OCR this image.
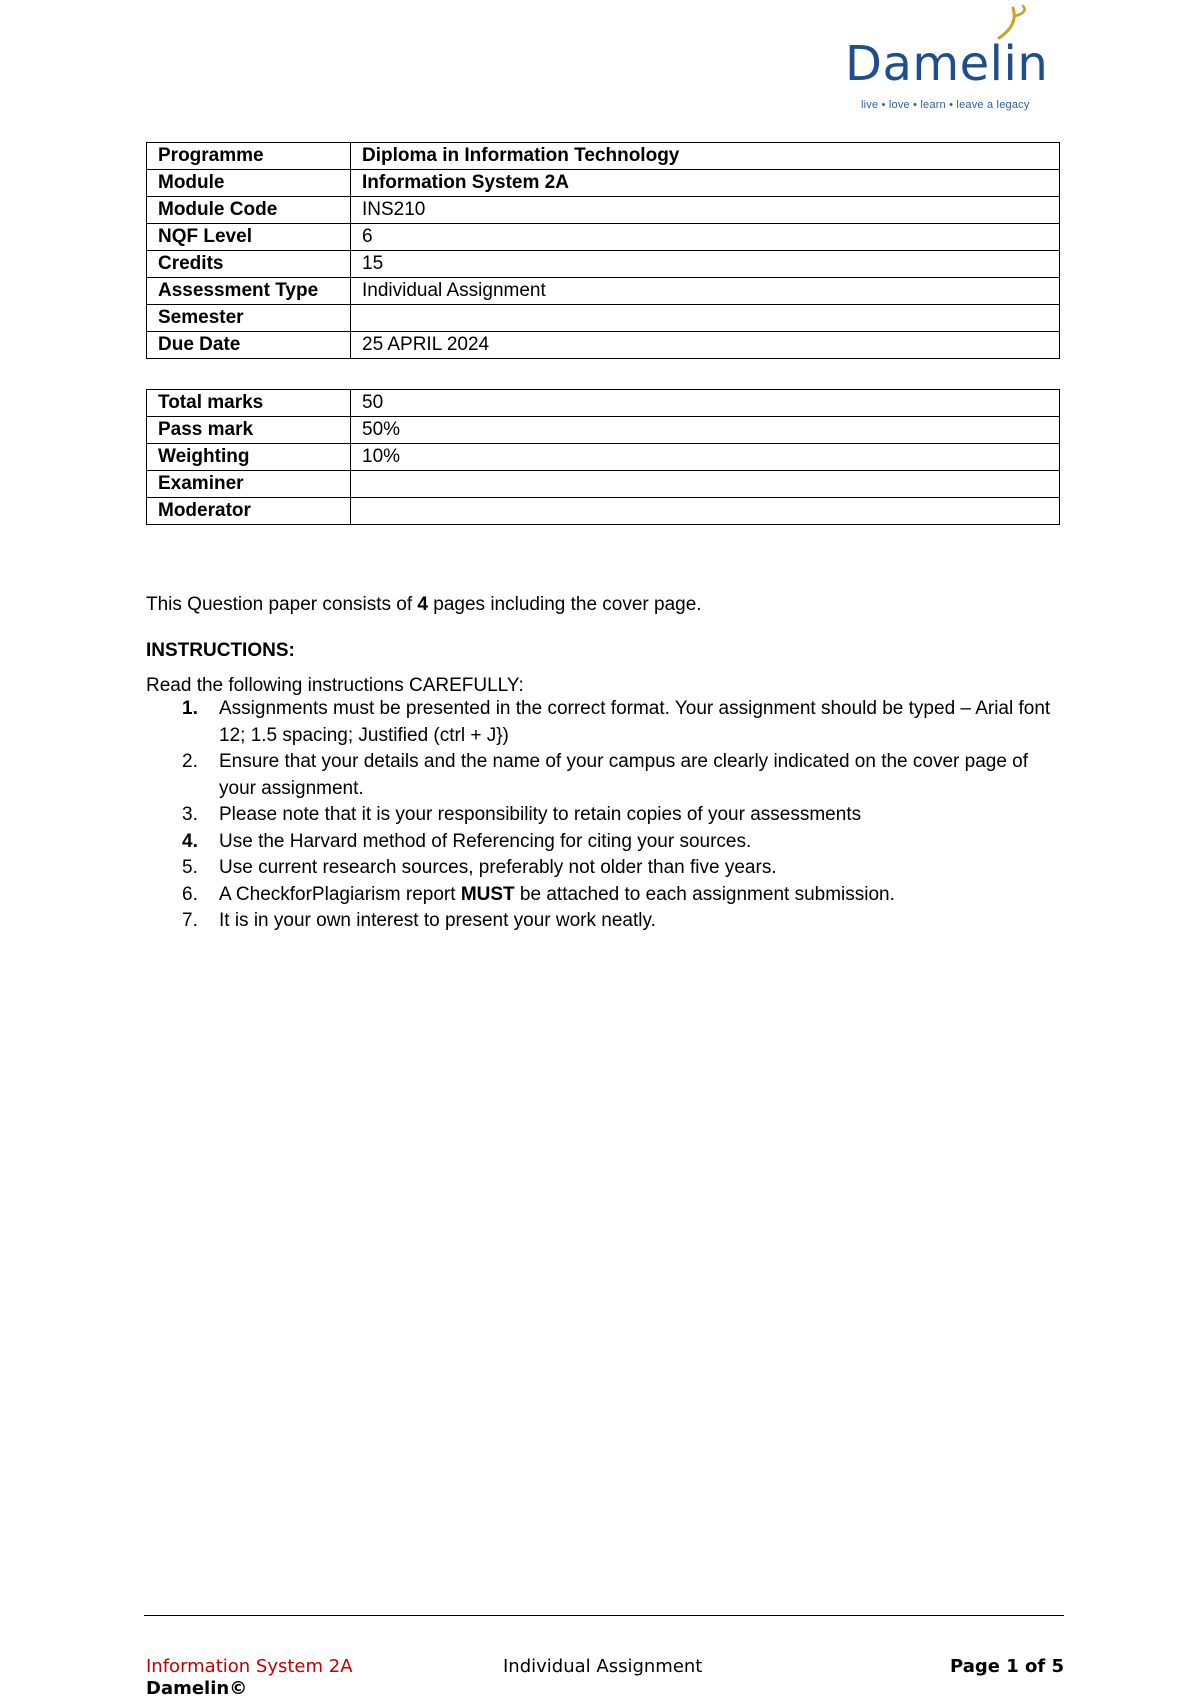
Damelin
live • love • learn • leave a legacy
Programme	Diploma in Information Technology
Module	Information System 2A
Module Code	INS210
NQF Level	6
Credits	15
Assessment Type	Individual Assignment
Semester	
Due Date	25 APRIL 2024
Total marks	50
Pass mark	50%
Weighting	10%
Examiner	
Moderator	
This Question paper consists of 4 pages including the cover page.
INSTRUCTIONS:
Read the following instructions CAREFULLY:
1. Assignments must be presented in the correct format. Your assignment should be typed – Arial font 12; 1.5 spacing; Justified (ctrl + J})
2. Ensure that your details and the name of your campus are clearly indicated on the cover page of your assignment.
3. Please note that it is your responsibility to retain copies of your assessments
4. Use the Harvard method of Referencing for citing your sources.
5. Use current research sources, preferably not older than five years.
6. A CheckforPlagiarism report MUST be attached to each assignment submission.
7. It is in your own interest to present your work neatly.
Information System 2A	Individual Assignment	Page 1 of 5
Damelin©
